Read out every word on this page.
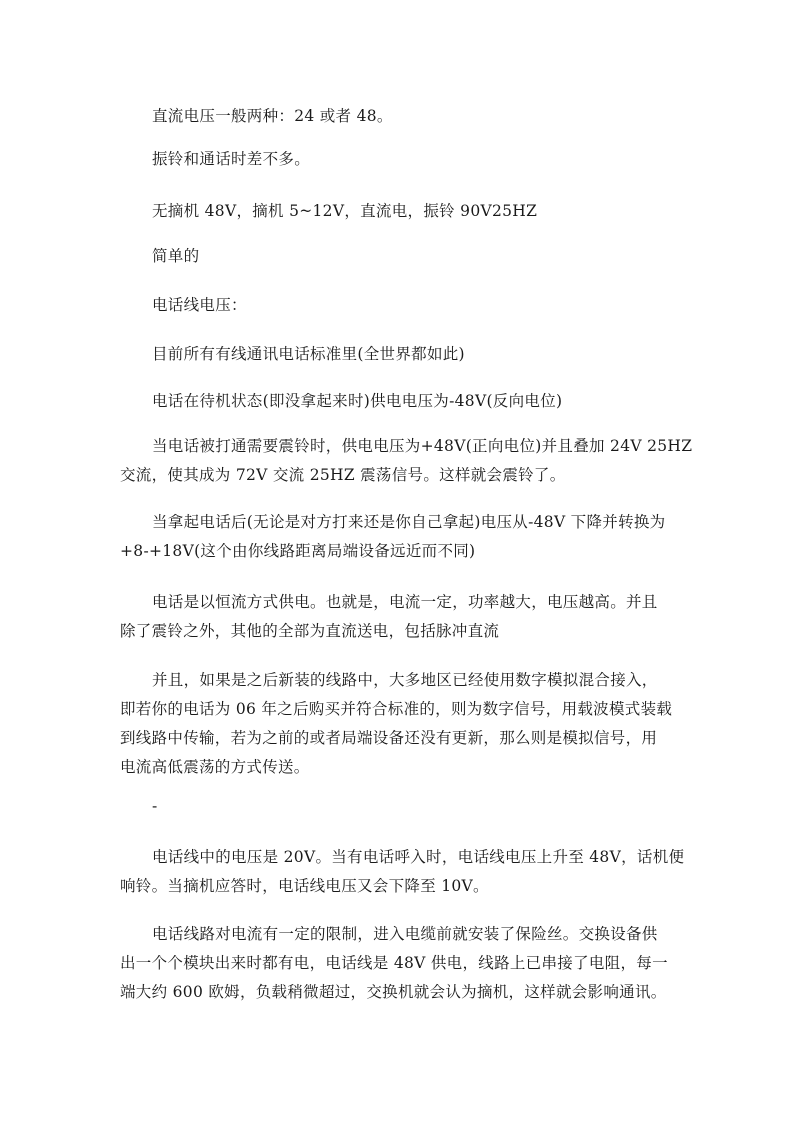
直流电压一般两种：24 或者 48。

振铃和通话时差不多。

无摘机 48V，摘机 5~12V，直流电，振铃 90V25HZ

简单的

电话线电压：

目前所有有线通讯电话标准里(全世界都如此)

电话在待机状态(即没拿起来时)供电电压为-48V(反向电位)

当电话被打通需要震铃时，供电电压为+48V(正向电位)并且叠加 24V 25HZ
交流，使其成为 72V 交流 25HZ 震荡信号。这样就会震铃了。

当拿起电话后(无论是对方打来还是你自己拿起)电压从-48V 下降并转换为
+8-+18V(这个由你线路距离局端设备远近而不同)

电话是以恒流方式供电。也就是，电流一定，功率越大，电压越高。并且
除了震铃之外，其他的全部为直流送电，包括脉冲直流

并且，如果是之后新装的线路中，大多地区已经使用数字模拟混合接入，
即若你的电话为 06 年之后购买并符合标准的，则为数字信号，用载波模式装载
到线路中传输，若为之前的或者局端设备还没有更新，那么则是模拟信号，用
电流高低震荡的方式传送。

-

电话线中的电压是 20V。当有电话呼入时，电话线电压上升至 48V，话机便
响铃。当摘机应答时，电话线电压又会下降至 10V。

电话线路对电流有一定的限制，进入电缆前就安装了保险丝。交换设备供
出一个个模块出来时都有电，电话线是 48V 供电，线路上已串接了电阻，每一
端大约 600 欧姆，负载稍微超过，交换机就会认为摘机，这样就会影响通讯。
